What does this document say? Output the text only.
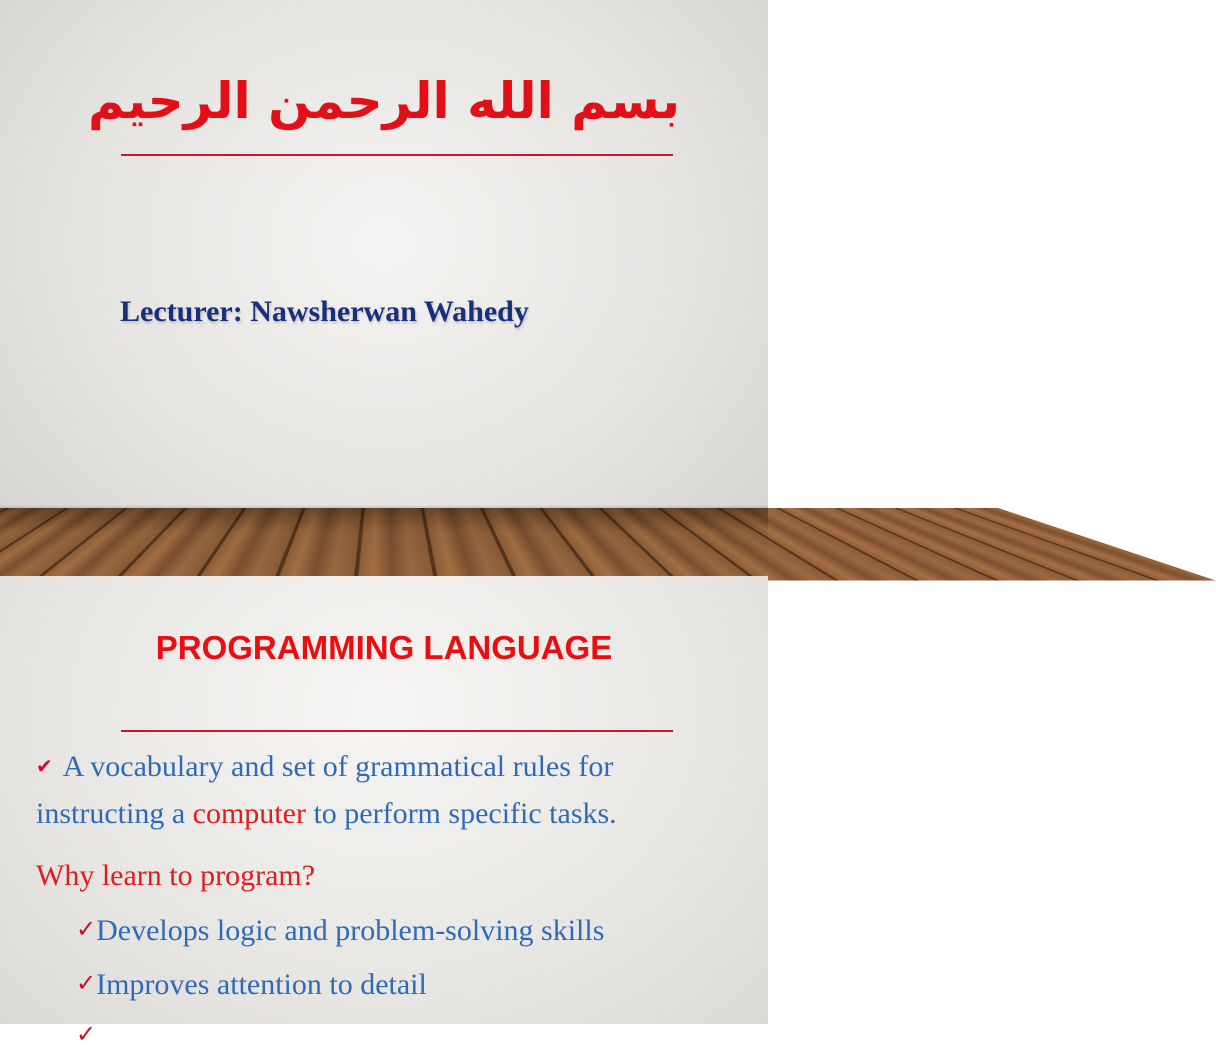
بسم الله الرحمن الرحيم
Lecturer: Nawsherwan Wahedy
PROGRAMMING LANGUAGE
✔ A vocabulary and set of grammatical rules for
instructing a computer to perform specific tasks.
Why learn to program?
✓Develops logic and problem-solving skills
✓Improves attention to detail
✓
